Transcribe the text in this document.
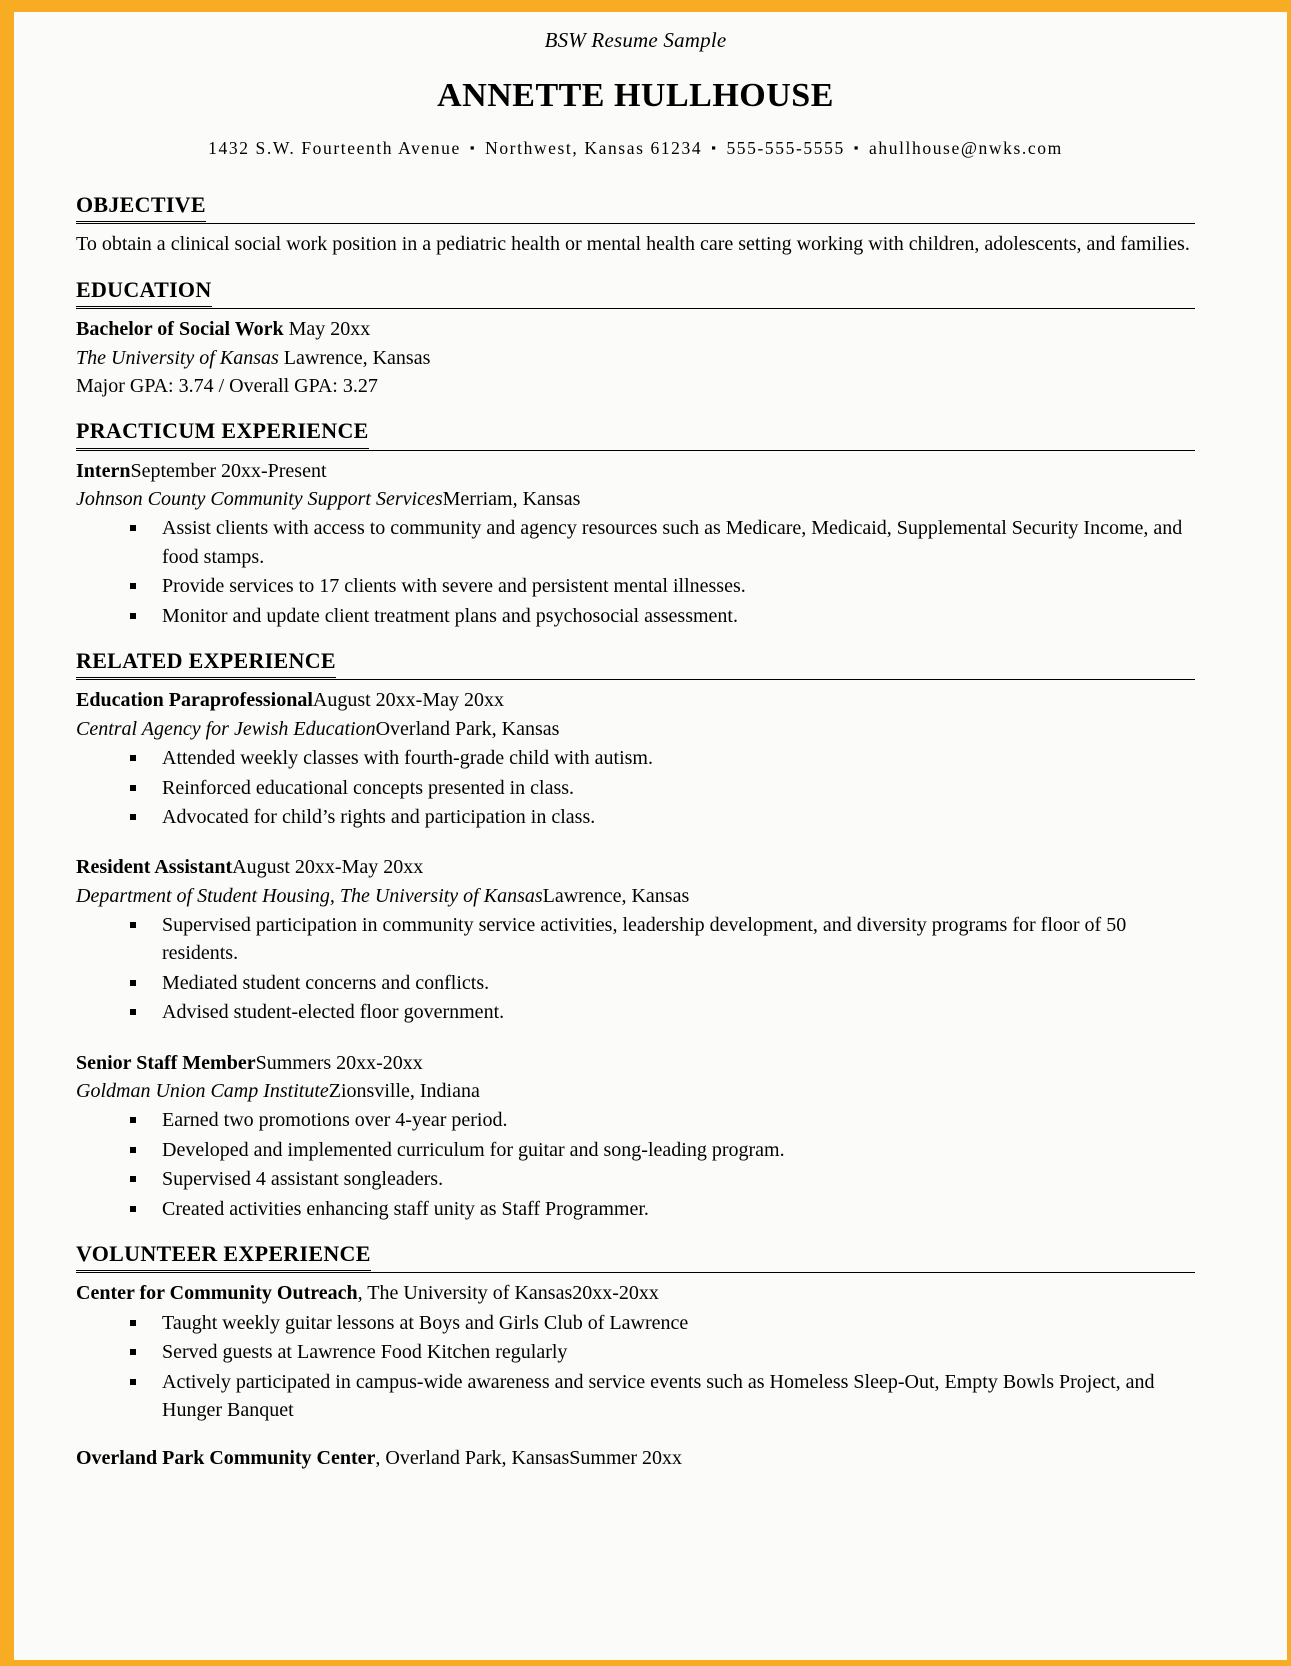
BSW Resume Sample
ANNETTE HULLHOUSE
1432 S.W. Fourteenth Avenue ▪ Northwest, Kansas 61234 ▪ 555-555-5555 ▪ ahullhouse@nwks.com
OBJECTIVE

To obtain a clinical social work position in a pediatric health or mental health care setting working with children, adolescents, and families.

EDUCATION
Bachelor of Social Work May 20xx
The University of Kansas Lawrence, Kansas
Major GPA: 3.74 / Overall GPA: 3.27
PRACTICUM EXPERIENCE
InternSeptember 20xx-Present
Johnson County Community Support ServicesMerriam, Kansas
Assist clients with access to community and agency resources such as Medicare, Medicaid, Supplemental Security Income, and food stamps.
Provide services to 17 clients with severe and persistent mental illnesses.
Monitor and update client treatment plans and psychosocial assessment.
RELATED EXPERIENCE
Education ParaprofessionalAugust 20xx-May 20xx
Central Agency for Jewish EducationOverland Park, Kansas
Attended weekly classes with fourth-grade child with autism.
Reinforced educational concepts presented in class.
Advocated for child’s rights and participation in class.
Resident AssistantAugust 20xx-May 20xx
Department of Student Housing, The University of KansasLawrence, Kansas
Supervised participation in community service activities, leadership development, and diversity programs for floor of 50 residents.
Mediated student concerns and conflicts.
Advised student-elected floor government.
Senior Staff MemberSummers 20xx-20xx
Goldman Union Camp InstituteZionsville, Indiana
Earned two promotions over 4-year period.
Developed and implemented curriculum for guitar and song-leading program.
Supervised 4 assistant songleaders.
Created activities enhancing staff unity as Staff Programmer.
VOLUNTEER EXPERIENCE
Center for Community Outreach, The University of Kansas20xx-20xx
Taught weekly guitar lessons at Boys and Girls Club of Lawrence
Served guests at Lawrence Food Kitchen regularly
Actively participated in campus-wide awareness and service events such as Homeless Sleep-Out, Empty Bowls Project, and Hunger Banquet
Overland Park Community Center, Overland Park, KansasSummer 20xx
